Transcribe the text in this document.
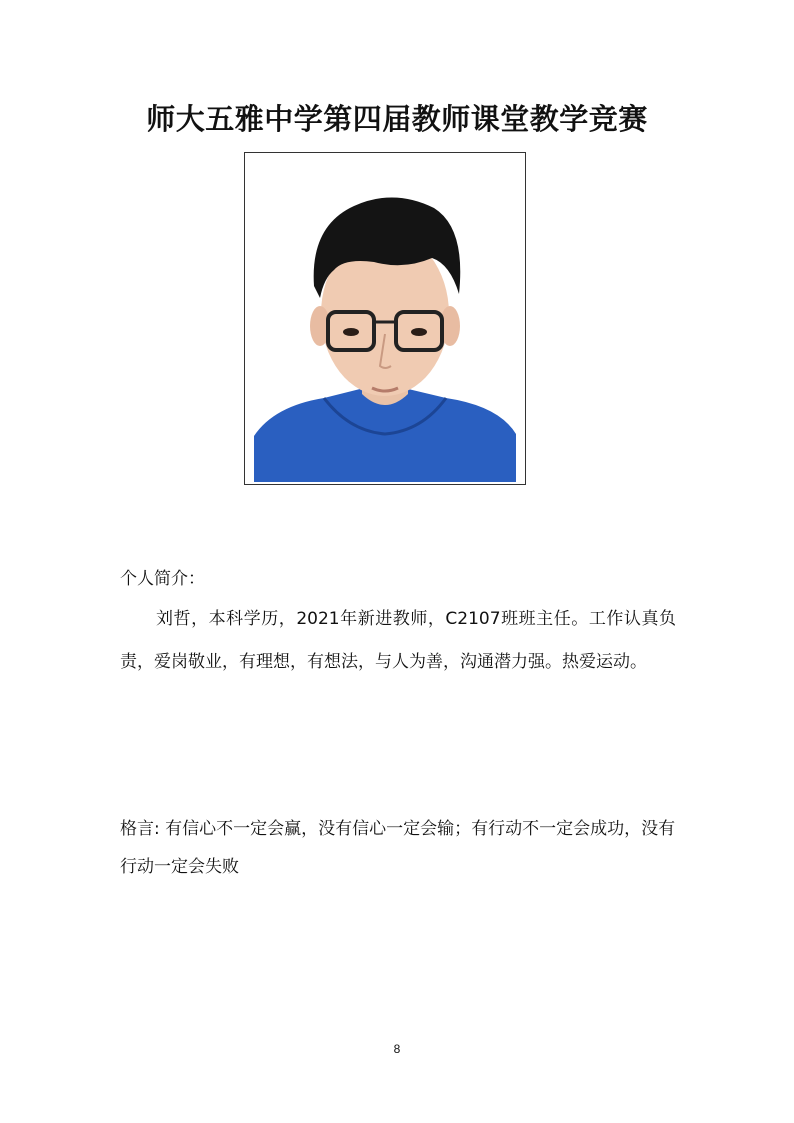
师大五雅中学第四届教师课堂教学竞赛
个人简介：
刘哲，本科学历，2021年新进教师，C2107班班主任。工作认真负责，爱岗敬业，有理想，有想法，与人为善，沟通潜力强。热爱运动。
格言: 有信心不一定会赢，没有信心一定会输；有行动不一定会成功，没有行动一定会失败
8
